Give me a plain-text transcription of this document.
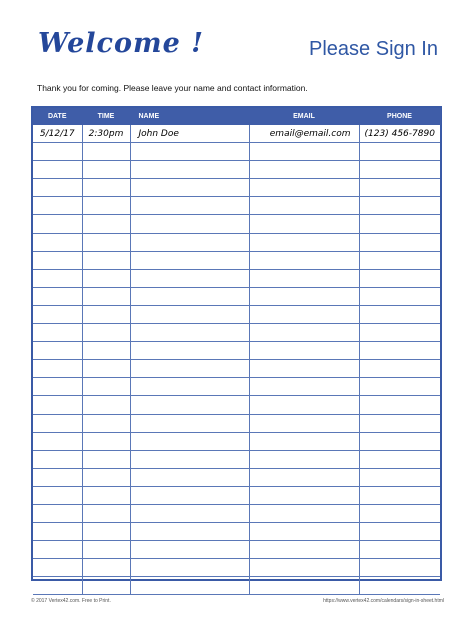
Welcome !	Please Sign In
Thank you for coming. Please leave your name and contact information.
DATE	TIME	NAME	EMAIL	PHONE
5/12/17	2:30pm	John Doe	email@email.com	(123) 456-7890

© 2017 Vertex42.com. Free to Print.	https://www.vertex42.com/calendars/sign-in-sheet.html
